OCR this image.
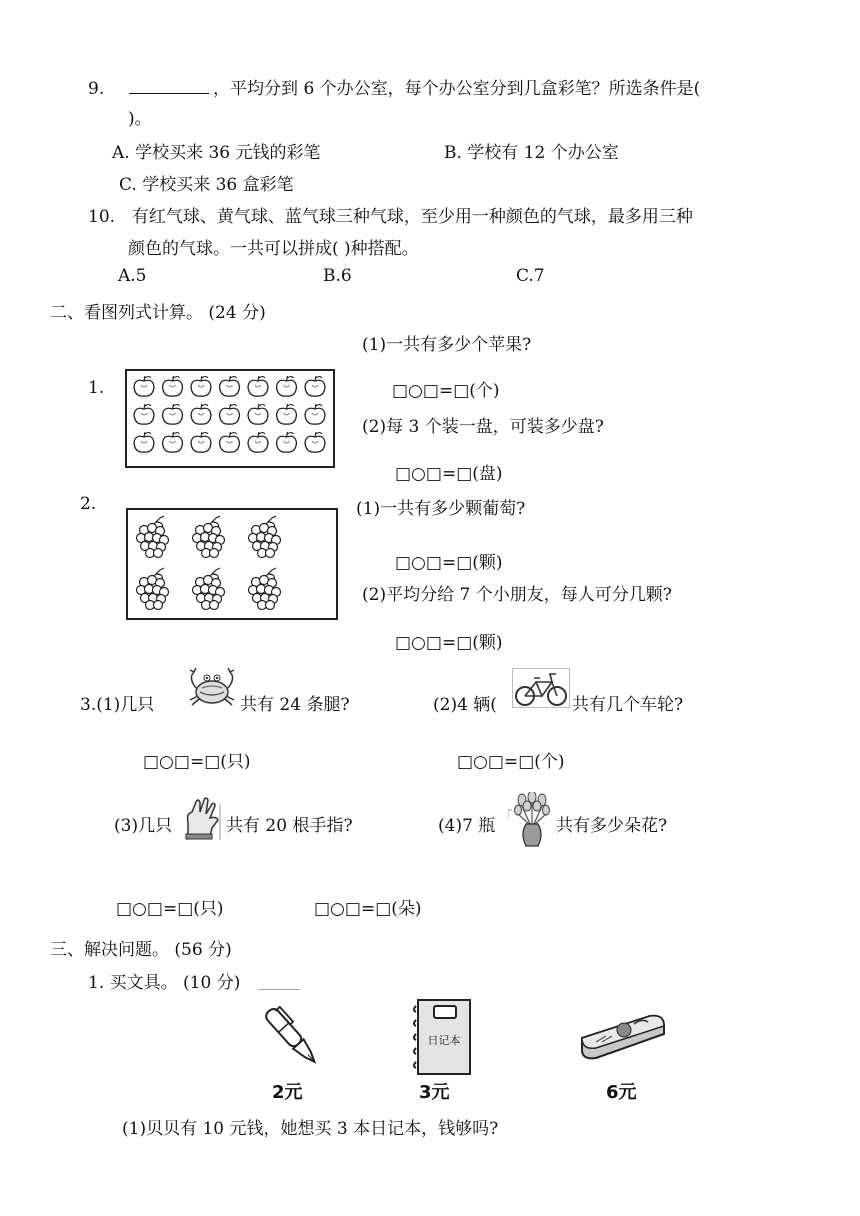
9.	，平均分到 6 个办公室，每个办公室分到几盒彩笔？所选条件是(
)。
A. 学校买来 36 元钱的彩笔	B. 学校有 12 个办公室
C. 学校买来 36 盒彩笔
10. 有红气球、黄气球、蓝气球三种气球，至少用一种颜色的气球，最多用三种
颜色的气球。一共可以拼成( )种搭配。
A.5	B.6	C.7
二、看图列式计算。 (24 分)
(1)一共有多少个苹果?
1.	□○□=□(个)
(2)每 3 个装一盘，可装多少盘?
□○□=□(盘)
2.	(1)一共有多少颗葡萄?
□○□=□(颗)
(2)平均分给 7 个小朋友，每人可分几颗?
□○□=□(颗)
3.(1)几只	共有 24 条腿?	(2)4 辆(	共有几个车轮?
□○□=□(只)	□○□=□(个)
(3)几只	共有 20 根手指?	(4)7 瓶	共有多少朵花?
□○□=□(只)	□○□=□(朵)
三、解决问题。 (56 分)
1. 买文具。 (10 分)
日记本
2元	3元	6元
(1)贝贝有 10 元钱，她想买 3 本日记本，钱够吗?
